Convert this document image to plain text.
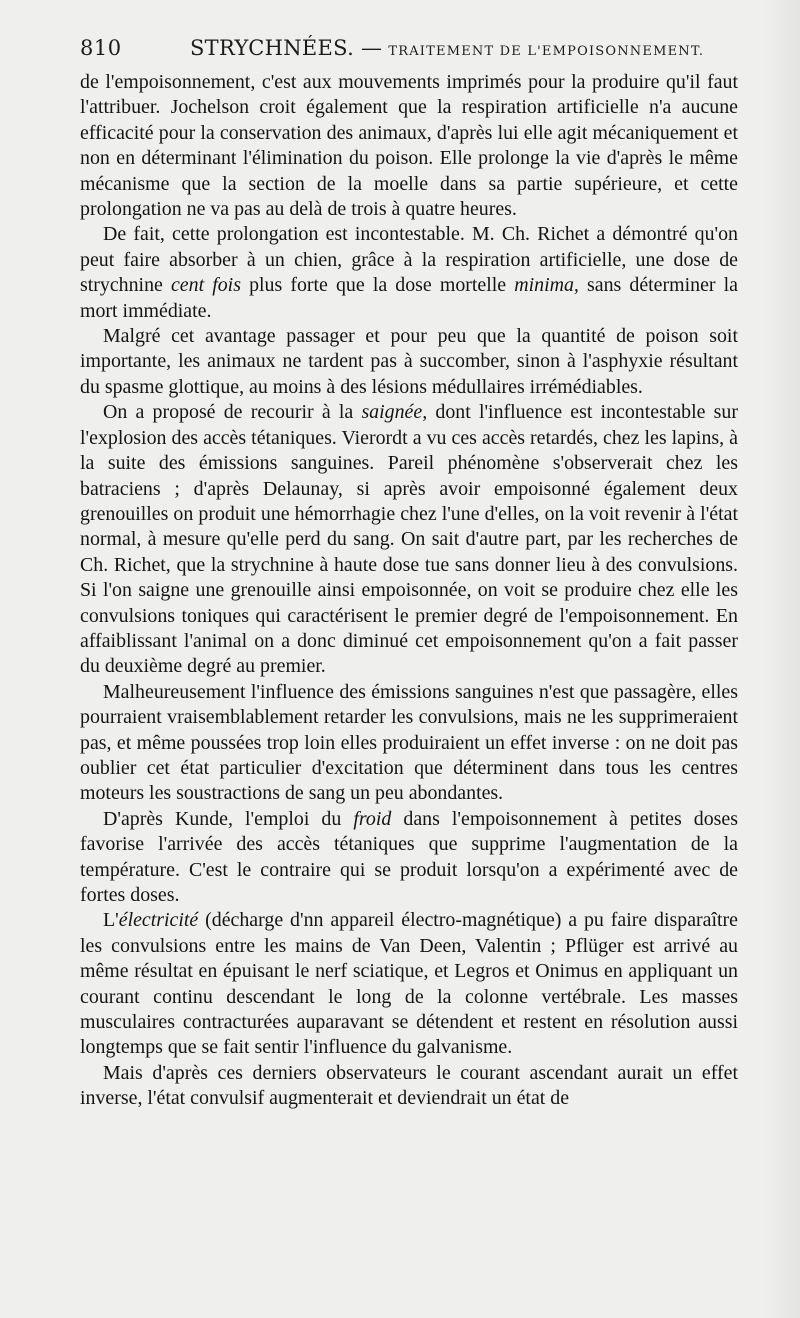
810	STRYCHNÉES. — TRAITEMENT DE L'EMPOISONNEMENT.

de l'empoisonnement, c'est aux mouvements imprimés pour la produire qu'il faut l'attribuer. Jochelson croit également que la respiration artificielle n'a aucune efficacité pour la conservation des animaux, d'après lui elle agit mécaniquement et non en déterminant l'élimination du poison. Elle prolonge la vie d'après le même mécanisme que la section de la moelle dans sa partie supérieure, et cette prolongation ne va pas au delà de trois à quatre heures.

De fait, cette prolongation est incontestable. M. Ch. Richet a démontré qu'on peut faire absorber à un chien, grâce à la respiration artificielle, une dose de strychnine cent fois plus forte que la dose mortelle minima, sans déterminer la mort immédiate.

Malgré cet avantage passager et pour peu que la quantité de poison soit importante, les animaux ne tardent pas à succomber, sinon à l'asphyxie résultant du spasme glottique, au moins à des lésions médullaires irrémédiables.

On a proposé de recourir à la saignée, dont l'influence est incontestable sur l'explosion des accès tétaniques. Vierordt a vu ces accès retardés, chez les lapins, à la suite des émissions sanguines. Pareil phénomène s'observerait chez les batraciens ; d'après Delaunay, si après avoir empoisonné également deux grenouilles on produit une hémorrhagie chez l'une d'elles, on la voit revenir à l'état normal, à mesure qu'elle perd du sang. On sait d'autre part, par les recherches de Ch. Richet, que la strychnine à haute dose tue sans donner lieu à des convulsions. Si l'on saigne une grenouille ainsi empoisonnée, on voit se produire chez elle les convulsions toniques qui caractérisent le premier degré de l'empoisonnement. En affaiblissant l'animal on a donc diminué cet empoisonnement qu'on a fait passer du deuxième degré au premier.

Malheureusement l'influence des émissions sanguines n'est que passagère, elles pourraient vraisemblablement retarder les convulsions, mais ne les supprimeraient pas, et même poussées trop loin elles produiraient un effet inverse : on ne doit pas oublier cet état particulier d'excitation que déterminent dans tous les centres moteurs les soustractions de sang un peu abondantes.

D'après Kunde, l'emploi du froid dans l'empoisonnement à petites doses favorise l'arrivée des accès tétaniques que supprime l'augmentation de la température. C'est le contraire qui se produit lorsqu'on a expérimenté avec de fortes doses.

L'électricité (décharge d'nn appareil électro-magnétique) a pu faire disparaître les convulsions entre les mains de Van Deen, Valentin ; Pflüger est arrivé au même résultat en épuisant le nerf sciatique, et Legros et Onimus en appliquant un courant continu descendant le long de la colonne vertébrale. Les masses musculaires contracturées auparavant se détendent et restent en résolution aussi longtemps que se fait sentir l'influence du galvanisme.

Mais d'après ces derniers observateurs le courant ascendant aurait un effet inverse, l'état convulsif augmenterait et deviendrait un état de
